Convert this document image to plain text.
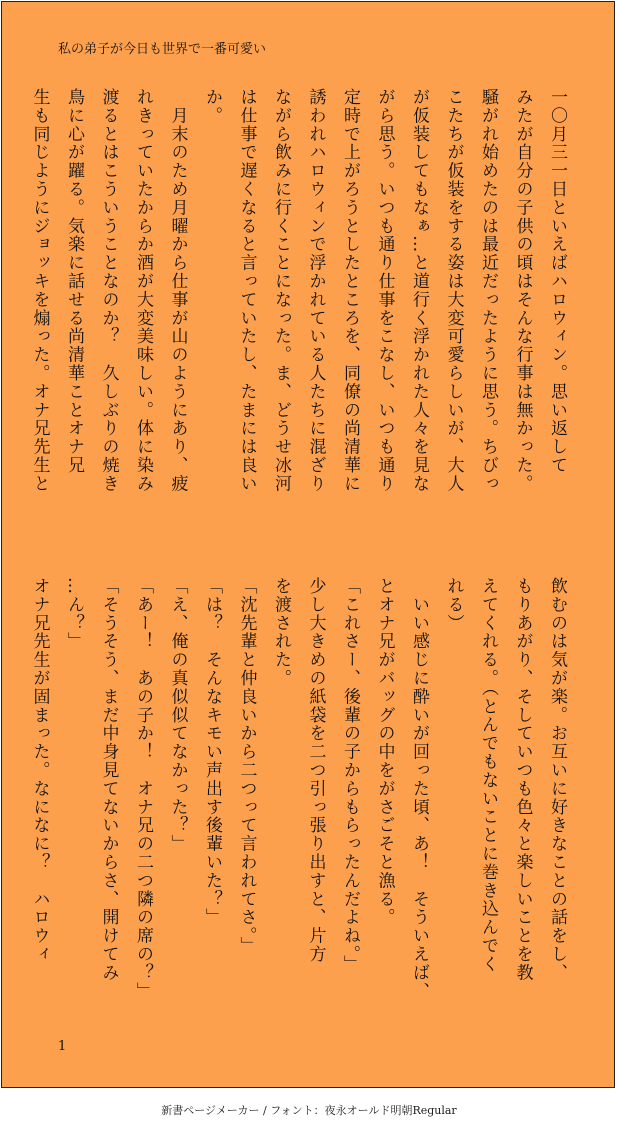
私の弟子が今日も世界で一番可愛い
一〇月三一日といえばハロウィン。思い返して
みたが自分の子供の頃はそんな行事は無かった。
騒がれ始めたのは最近だったように思う。ちびっ
こたちが仮装をする姿は大変可愛らしいが、大人
が仮装してもなぁ…と道行く浮かれた人々を見な
がら思う。いつも通り仕事をこなし、いつも通り
定時で上がろうとしたところを、同僚の尚清華に
誘われハロウィンで浮かれている人たちに混ざり
ながら飲みに行くことになった。ま、どうせ冰河
は仕事で遅くなると言っていたし、たまには良い
か。
　月末のため月曜から仕事が山のようにあり、疲
れきっていたからか酒が大変美味しい。体に染み
渡るとはこういうことなのか？　久しぶりの焼き
鳥に心が躍る。気楽に話せる尚清華ことオナ兄
生も同じようにジョッキを煽った。オナ兄先生と
飲むのは気が楽。お互いに好きなことの話をし、
もりあがり、そしていつも色々と楽しいことを教
えてくれる。（とんでもないことに巻き込んでく
れる）
　いい感じに酔いが回った頃、あ！　そういえば、
とオナ兄がバッグの中をがさごそと漁る。
「これさー、後輩の子からもらったんだよね。」
少し大きめの紙袋を二つ引っ張り出すと、片方
を渡された。
「沈先輩と仲良いから二つって言われてさ。」
「は？　そんなキモい声出す後輩いた？」
「え、俺の真似似てなかった？」
「あー！　あの子か！　オナ兄の二つ隣の席の？」
「そうそう、まだ中身見てないからさ、開けてみ
…ん？」
オナ兄先生が固まった。なになに？　ハロウィ
1
新書ページメーカー / フォント：夜永オールド明朝Regular
